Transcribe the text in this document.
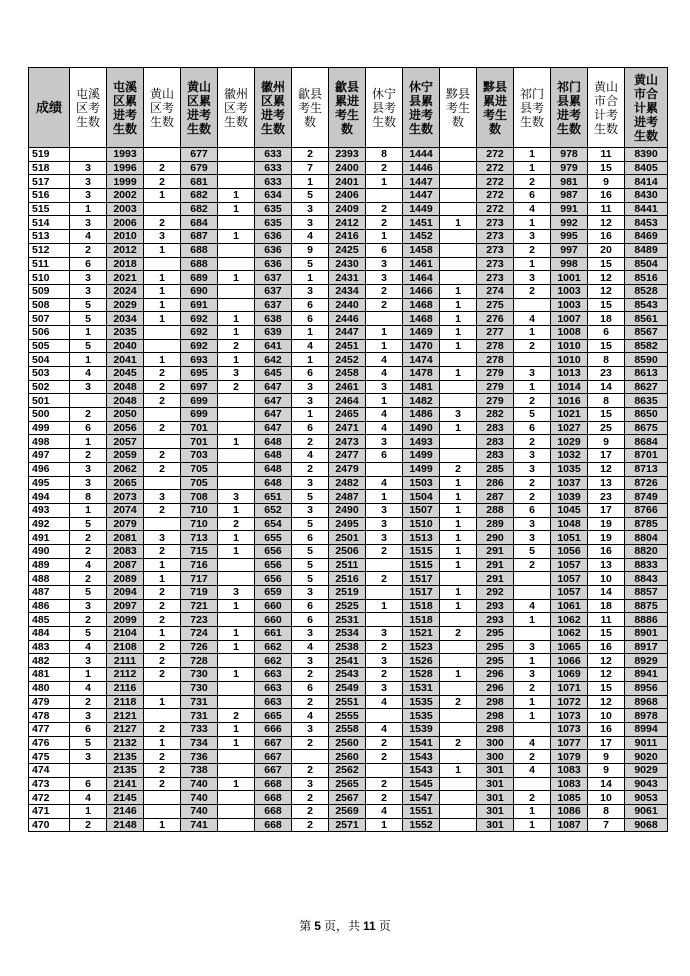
成绩	屯溪区考生数	屯溪区累进考生数	黄山区考生数	黄山区累进考生数	徽州区考生数	徽州区累进考生数	歙县考生数	歙县累进考生数	休宁县考生数	休宁县累进考生数	黟县考生数	黟县累进考生数	祁门县考生数	祁门县累进考生数	黄山市合计考生数	黄山市合计累进考生数
519		1993		677		633	2	2393	8	1444		272	1	978	11	8390
518	3	1996	2	679		633	7	2400	2	1446		272	1	979	15	8405
517	3	1999	2	681		633	1	2401	1	1447		272	2	981	9	8414
516	3	2002	1	682	1	634	5	2406		1447		272	6	987	16	8430
515	1	2003		682	1	635	3	2409	2	1449		272	4	991	11	8441
514	3	2006	2	684		635	3	2412	2	1451	1	273	1	992	12	8453
513	4	2010	3	687	1	636	4	2416	1	1452		273	3	995	16	8469
512	2	2012	1	688		636	9	2425	6	1458		273	2	997	20	8489
511	6	2018		688		636	5	2430	3	1461		273	1	998	15	8504
510	3	2021	1	689	1	637	1	2431	3	1464		273	3	1001	12	8516
509	3	2024	1	690		637	3	2434	2	1466	1	274	2	1003	12	8528
508	5	2029	1	691		637	6	2440	2	1468	1	275		1003	15	8543
507	5	2034	1	692	1	638	6	2446		1468	1	276	4	1007	18	8561
506	1	2035		692	1	639	1	2447	1	1469	1	277	1	1008	6	8567
505	5	2040		692	2	641	4	2451	1	1470	1	278	2	1010	15	8582
504	1	2041	1	693	1	642	1	2452	4	1474		278		1010	8	8590
503	4	2045	2	695	3	645	6	2458	4	1478	1	279	3	1013	23	8613
502	3	2048	2	697	2	647	3	2461	3	1481		279	1	1014	14	8627
501		2048	2	699		647	3	2464	1	1482		279	2	1016	8	8635
500	2	2050		699		647	1	2465	4	1486	3	282	5	1021	15	8650
499	6	2056	2	701		647	6	2471	4	1490	1	283	6	1027	25	8675
498	1	2057		701	1	648	2	2473	3	1493		283	2	1029	9	8684
497	2	2059	2	703		648	4	2477	6	1499		283	3	1032	17	8701
496	3	2062	2	705		648	2	2479		1499	2	285	3	1035	12	8713
495	3	2065		705		648	3	2482	4	1503	1	286	2	1037	13	8726
494	8	2073	3	708	3	651	5	2487	1	1504	1	287	2	1039	23	8749
493	1	2074	2	710	1	652	3	2490	3	1507	1	288	6	1045	17	8766
492	5	2079		710	2	654	5	2495	3	1510	1	289	3	1048	19	8785
491	2	2081	3	713	1	655	6	2501	3	1513	1	290	3	1051	19	8804
490	2	2083	2	715	1	656	5	2506	2	1515	1	291	5	1056	16	8820
489	4	2087	1	716		656	5	2511		1515	1	291	2	1057	13	8833
488	2	2089	1	717		656	5	2516	2	1517		291		1057	10	8843
487	5	2094	2	719	3	659	3	2519		1517	1	292		1057	14	8857
486	3	2097	2	721	1	660	6	2525	1	1518	1	293	4	1061	18	8875
485	2	2099	2	723		660	6	2531		1518		293	1	1062	11	8886
484	5	2104	1	724	1	661	3	2534	3	1521	2	295		1062	15	8901
483	4	2108	2	726	1	662	4	2538	2	1523		295	3	1065	16	8917
482	3	2111	2	728		662	3	2541	3	1526		295	1	1066	12	8929
481	1	2112	2	730	1	663	2	2543	2	1528	1	296	3	1069	12	8941
480	4	2116		730		663	6	2549	3	1531		296	2	1071	15	8956
479	2	2118	1	731		663	2	2551	4	1535	2	298	1	1072	12	8968
478	3	2121		731	2	665	4	2555		1535		298	1	1073	10	8978
477	6	2127	2	733	1	666	3	2558	4	1539		298		1073	16	8994
476	5	2132	1	734	1	667	2	2560	2	1541	2	300	4	1077	17	9011
475	3	2135	2	736		667		2560	2	1543		300	2	1079	9	9020
474		2135	2	738		667	2	2562		1543	1	301	4	1083	9	9029
473	6	2141	2	740	1	668	3	2565	2	1545		301		1083	14	9043
472	4	2145		740		668	2	2567	2	1547		301	2	1085	10	9053
471	1	2146		740		668	2	2569	4	1551		301	1	1086	8	9061
470	2	2148	1	741		668	2	2571	1	1552		301	1	1087	7	9068
第 5 页，共 11 页
